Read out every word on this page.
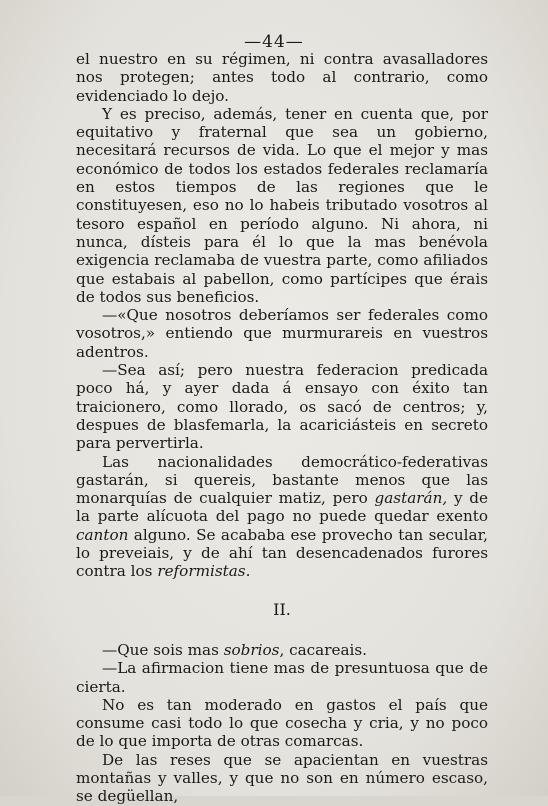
—44—

el nuestro en su régimen, ni contra avasalladores nos protegen; antes todo al contrario, como evidenciado lo dejo.

Y es preciso, además, tener en cuenta que, por equitativo y fraternal que sea un gobierno, necesitará recursos de vida. Lo que el mejor y mas económico de todos los estados federales reclamaría en estos tiempos de las regiones que le constituyesen, eso no lo habeis tributado vosotros al tesoro español en período alguno. Ni ahora, ni nunca, dísteis para él lo que la mas benévola exigencia reclamaba de vuestra parte, como afiliados que estabais al pabellon, como partícipes que érais de todos sus beneficios.

—«Que nosotros deberíamos ser federales como vosotros,» entiendo que murmurareis en vuestros adentros.

—Sea así; pero nuestra federacion predicada poco há, y ayer dada á ensayo con éxito tan traicionero, como llorado, os sacó de centros; y, despues de blasfemarla, la acariciásteis en secreto para pervertirla.

Las nacionalidades democrático-federativas gastarán, si quereis, bastante menos que las monarquías de cualquier matiz, pero gastarán, y de la parte alícuota del pago no puede quedar exento canton alguno. Se acababa ese provecho tan secular, lo preveiais, y de ahí tan desencadenados furores contra los reformistas.

II.

—Que sois mas sobrios, cacareais.

—La afirmacion tiene mas de presuntuosa que de cierta.

No es tan moderado en gastos el país que consume casi todo lo que cosecha y cria, y no poco de lo que importa de otras comarcas.

De las reses que se apacientan en vuestras montañas y valles, y que no son en número escaso, se degüellan,
